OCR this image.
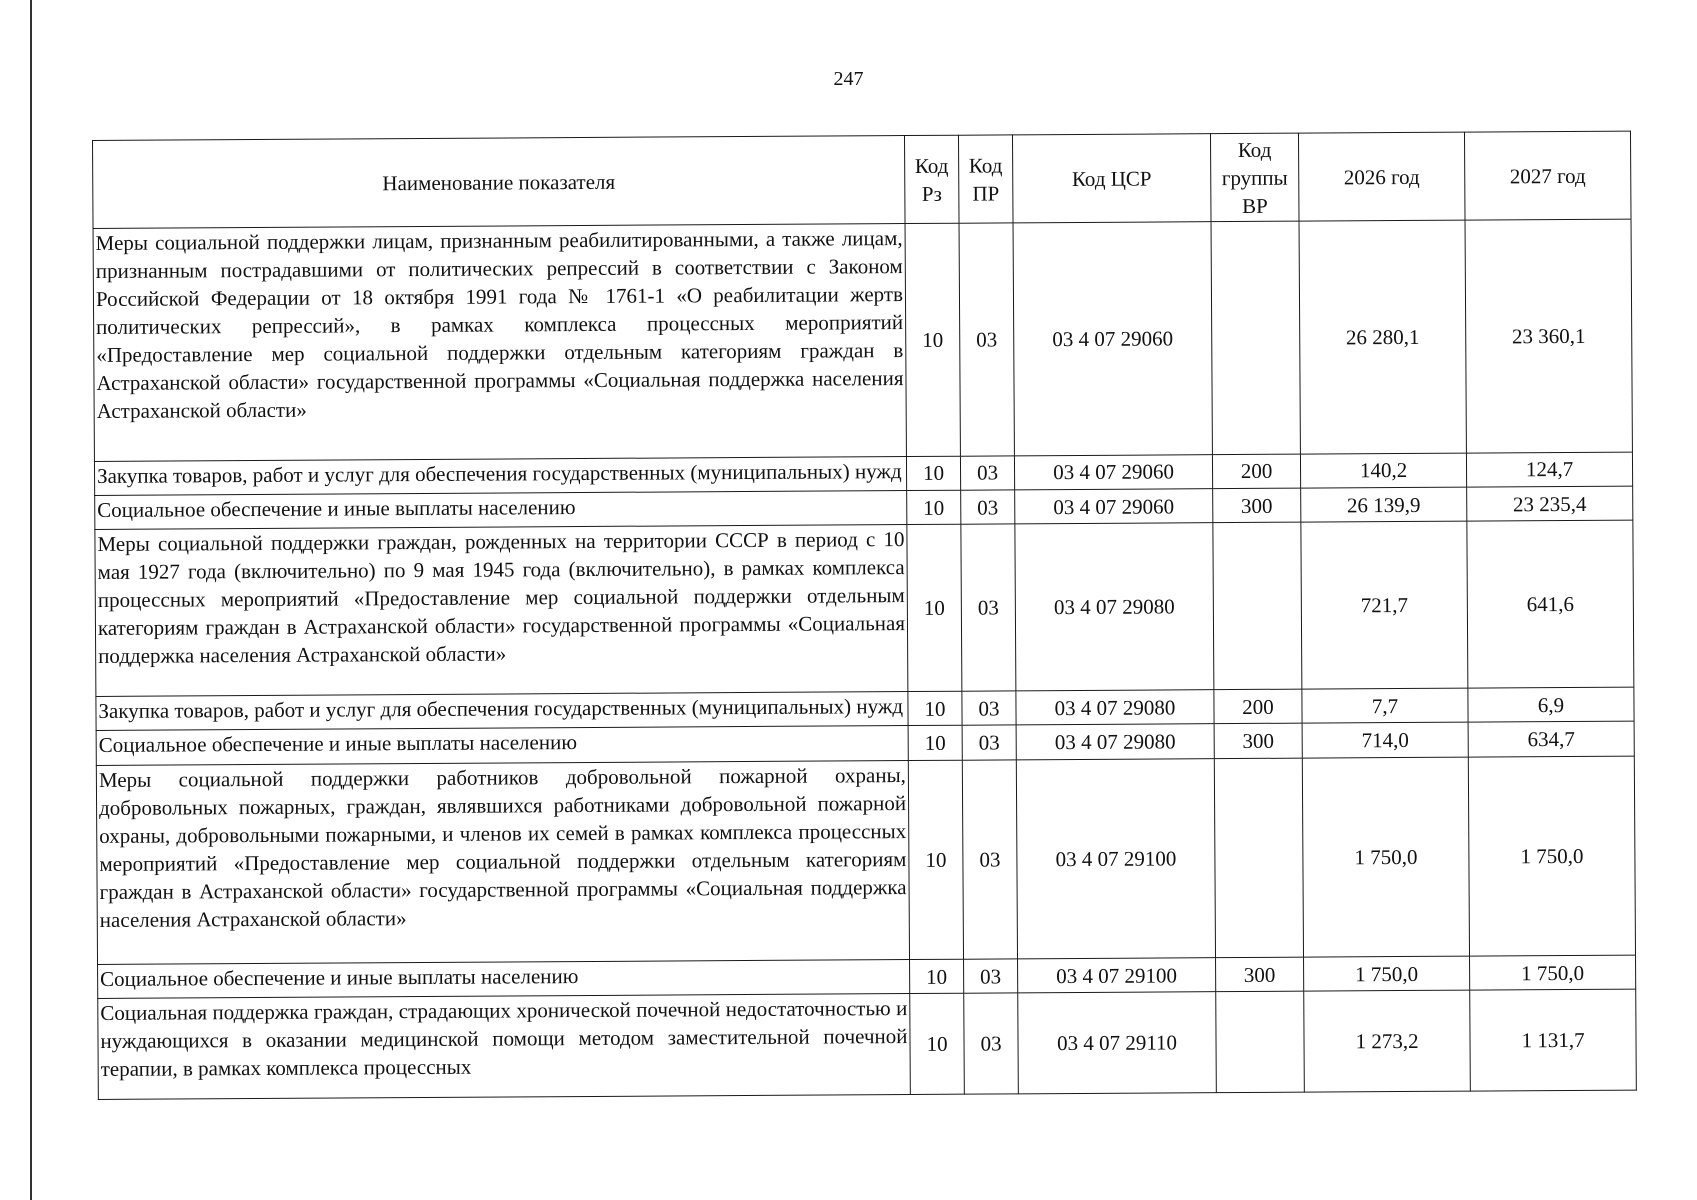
247
Наименование показателя	Код Рз	Код ПР	Код ЦСР	Код группы ВР	2026 год	2027 год
Меры социальной поддержки лицам, признанным реабилитированными, а также лицам, признанным пострадавшими от политических репрессий в соответствии с Законом Российской Федерации от 18 октября 1991 года № 1761-1 «О реабилитации жертв политических репрессий», в рамках комплекса процессных мероприятий «Предоставление мер социальной поддержки отдельным категориям граждан в Астраханской области» государственной программы «Социальная поддержка населения Астраханской области»	10	03	03 4 07 29060		26 280,1	23 360,1
Закупка товаров, работ и услуг для обеспечения государственных (муниципальных) нужд	10	03	03 4 07 29060	200	140,2	124,7
Социальное обеспечение и иные выплаты населению	10	03	03 4 07 29060	300	26 139,9	23 235,4
Меры социальной поддержки граждан, рожденных на территории СССР в период с 10 мая 1927 года (включительно) по 9 мая 1945 года (включительно), в рамках комплекса процессных мероприятий «Предоставление мер социальной поддержки отдельным категориям граждан в Астраханской области» государственной программы «Социальная поддержка населения Астраханской области»	10	03	03 4 07 29080		721,7	641,6
Закупка товаров, работ и услуг для обеспечения государственных (муниципальных) нужд	10	03	03 4 07 29080	200	7,7	6,9
Социальное обеспечение и иные выплаты населению	10	03	03 4 07 29080	300	714,0	634,7
Меры социальной поддержки работников добровольной пожарной охраны, добровольных пожарных, граждан, являвшихся работниками добровольной пожарной охраны, добровольными пожарными, и членов их семей в рамках комплекса процессных мероприятий «Предоставление мер социальной поддержки отдельным категориям граждан в Астраханской области» государственной программы «Социальная поддержка населения Астраханской области»	10	03	03 4 07 29100		1 750,0	1 750,0
Социальное обеспечение и иные выплаты населению	10	03	03 4 07 29100	300	1 750,0	1 750,0
Социальная поддержка граждан, страдающих хронической почечной недостаточностью и нуждающихся в оказании медицинской помощи методом заместительной почечной терапии, в рамках комплекса процессных	10	03	03 4 07 29110		1 273,2	1 131,7
